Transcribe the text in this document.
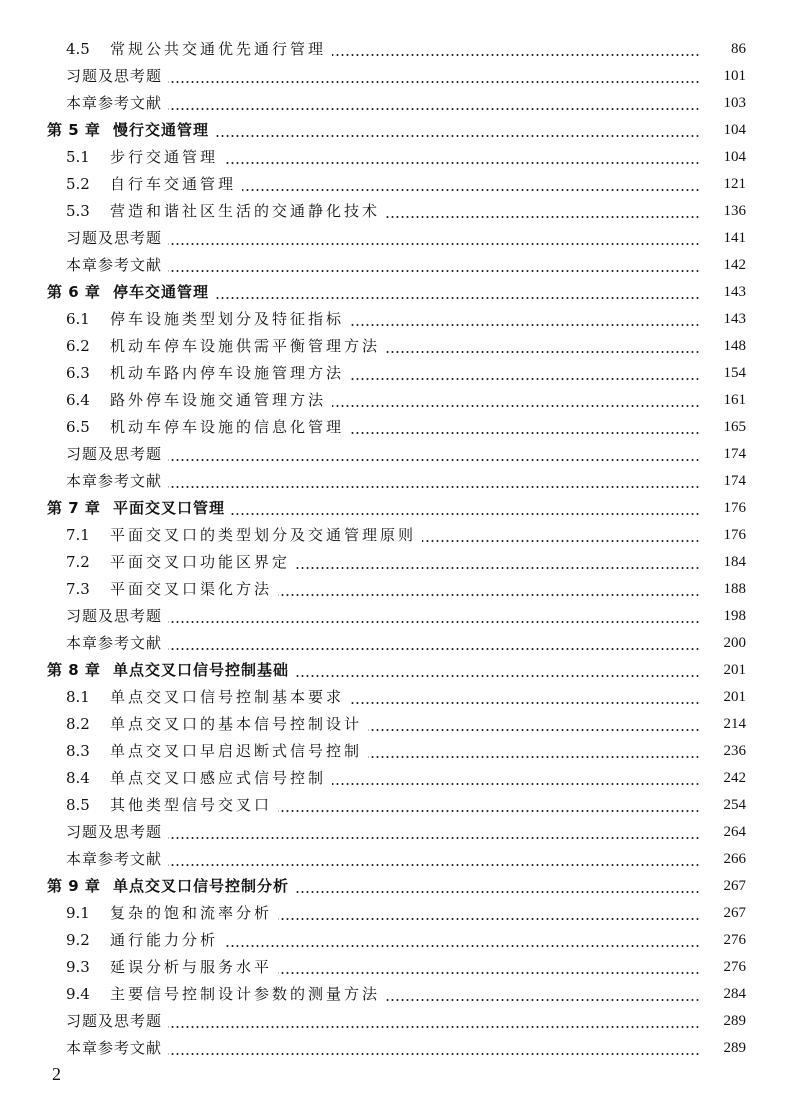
4.5	常规公共交通优先通行管理	86
习题及思考题	101
本章参考文献	103
第 5 章 慢行交通管理	104
5.1	步行交通管理	104
5.2	自行车交通管理	121
5.3	营造和谐社区生活的交通静化技术	136
习题及思考题	141
本章参考文献	142
第 6 章 停车交通管理	143
6.1	停车设施类型划分及特征指标	143
6.2	机动车停车设施供需平衡管理方法	148
6.3	机动车路内停车设施管理方法	154
6.4	路外停车设施交通管理方法	161
6.5	机动车停车设施的信息化管理	165
习题及思考题	174
本章参考文献	174
第 7 章 平面交叉口管理	176
7.1	平面交叉口的类型划分及交通管理原则	176
7.2	平面交叉口功能区界定	184
7.3	平面交叉口渠化方法	188
习题及思考题	198
本章参考文献	200
第 8 章 单点交叉口信号控制基础	201
8.1	单点交叉口信号控制基本要求	201
8.2	单点交叉口的基本信号控制设计	214
8.3	单点交叉口早启迟断式信号控制	236
8.4	单点交叉口感应式信号控制	242
8.5	其他类型信号交叉口	254
习题及思考题	264
本章参考文献	266
第 9 章 单点交叉口信号控制分析	267
9.1	复杂的饱和流率分析	267
9.2	通行能力分析	276
9.3	延误分析与服务水平	276
9.4	主要信号控制设计参数的测量方法	284
习题及思考题	289
本章参考文献	289
2
